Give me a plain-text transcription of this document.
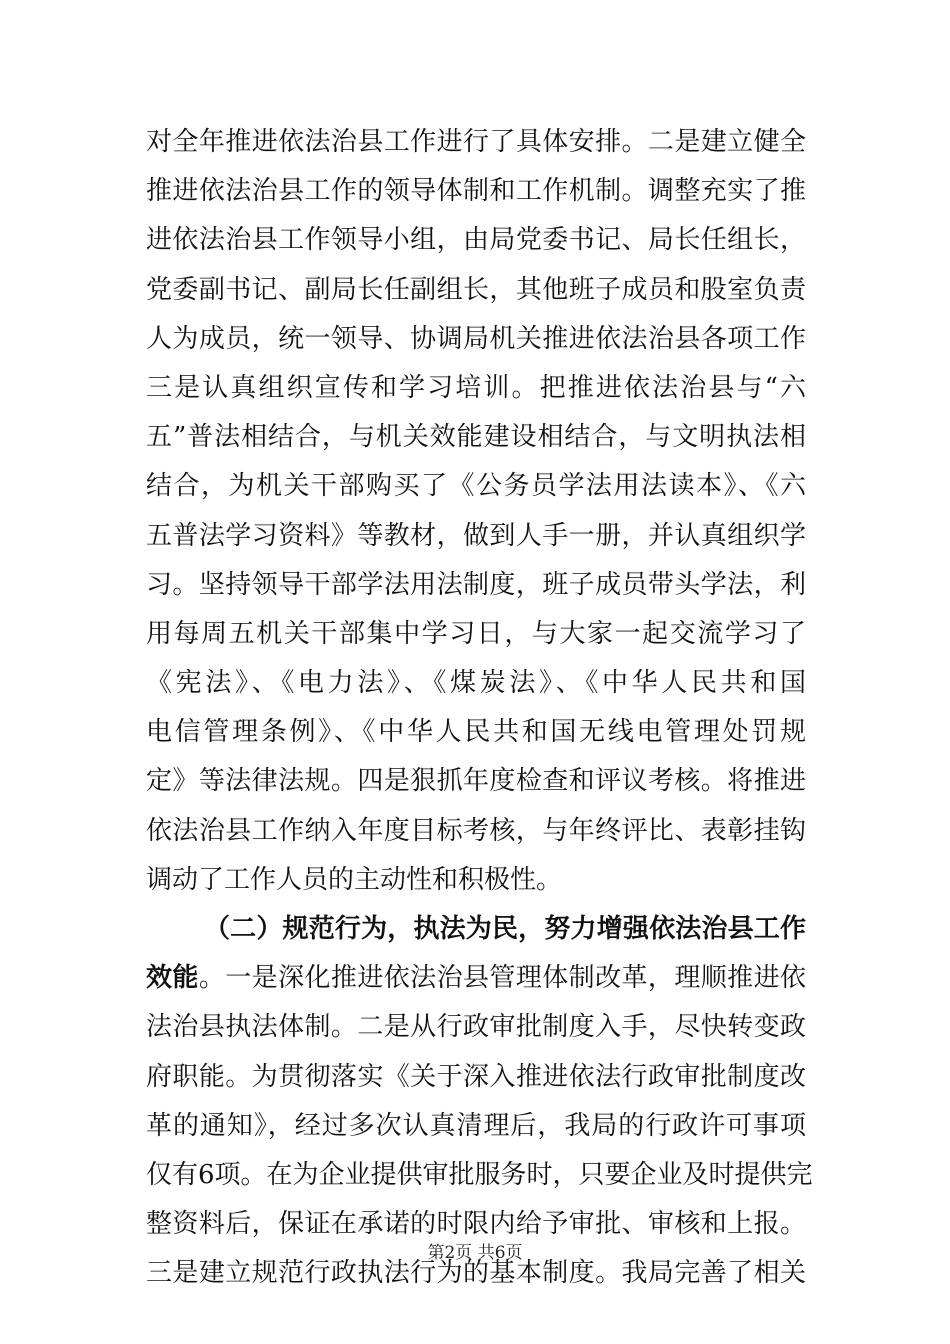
对全年推进依法治县工作进行了具体安排。二是建立健全
推进依法治县工作的领导体制和工作机制。调整充实了推
进依法治县工作领导小组，由局党委书记、局长任组长，
党委副书记、副局长任副组长，其他班子成员和股室负责
人为成员，统一领导、协调局机关推进依法治县各项工作
三是认真组织宣传和学习培训。把推进依法治县与“六
五”普法相结合，与机关效能建设相结合，与文明执法相
结合，为机关干部购买了《公务员学法用法读本》、《六
五普法学习资料》等教材，做到人手一册，并认真组织学
习。坚持领导干部学法用法制度，班子成员带头学法，利
用每周五机关干部集中学习日，与大家一起交流学习了
《宪法》、《电力法》、《煤炭法》、《中华人民共和国
电信管理条例》、《中华人民共和国无线电管理处罚规
定》等法律法规。四是狠抓年度检查和评议考核。将推进
依法治县工作纳入年度目标考核，与年终评比、表彰挂钩
调动了工作人员的主动性和积极性。
（二）规范行为，执法为民，努力增强依法治县工作
效能。一是深化推进依法治县管理体制改革，理顺推进依
法治县执法体制。二是从行政审批制度入手，尽快转变政
府职能。为贯彻落实《关于深入推进依法行政审批制度改
革的通知》，经过多次认真清理后，我局的行政许可事项
仅有6项。在为企业提供审批服务时，只要企业及时提供完
整资料后，保证在承诺的时限内给予审批、审核和上报。
三是建立规范行政执法行为的基本制度。我局完善了相关
第2页 共6页
